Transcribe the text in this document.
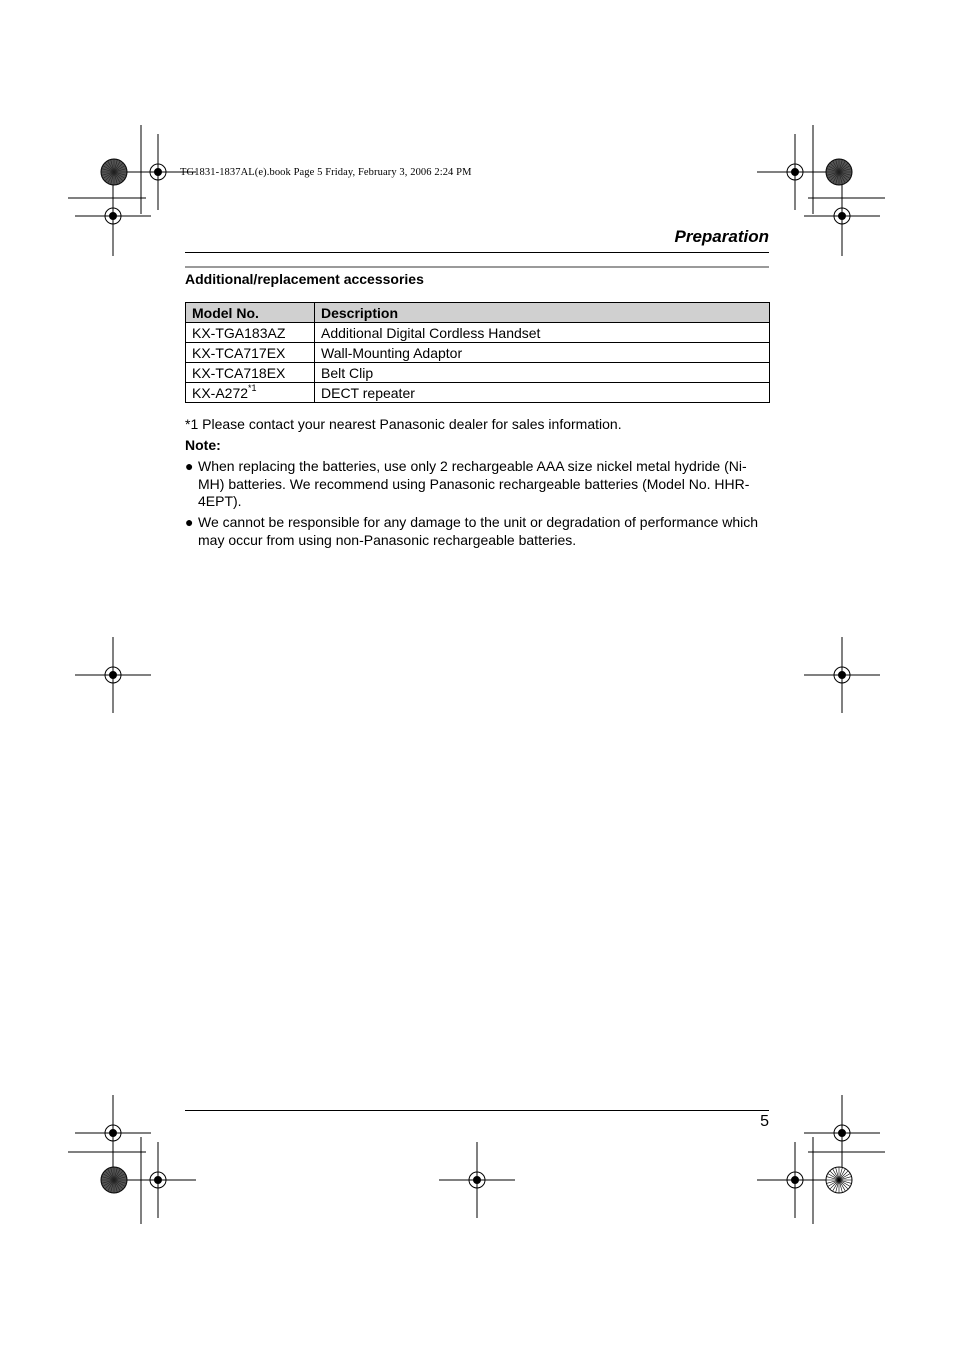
TG1831-1837AL(e).book Page 5 Friday, February 3, 2006 2:24 PM
Preparation
Additional/replacement accessories
Model No.	Description
KX-TGA183AZ	Additional Digital Cordless Handset
KX-TCA717EX	Wall-Mounting Adaptor
KX-TCA718EX	Belt Clip
KX-A272$^{*1}$	DECT repeater
*1 Please contact your nearest Panasonic dealer for sales information.
Note:
● When replacing the batteries, use only 2 rechargeable AAA size nickel metal hydride (Ni-MH) batteries. We recommend using Panasonic rechargeable batteries (Model No. HHR-4EPT).
● We cannot be responsible for any damage to the unit or degradation of performance which may occur from using non-Panasonic rechargeable batteries.
5
